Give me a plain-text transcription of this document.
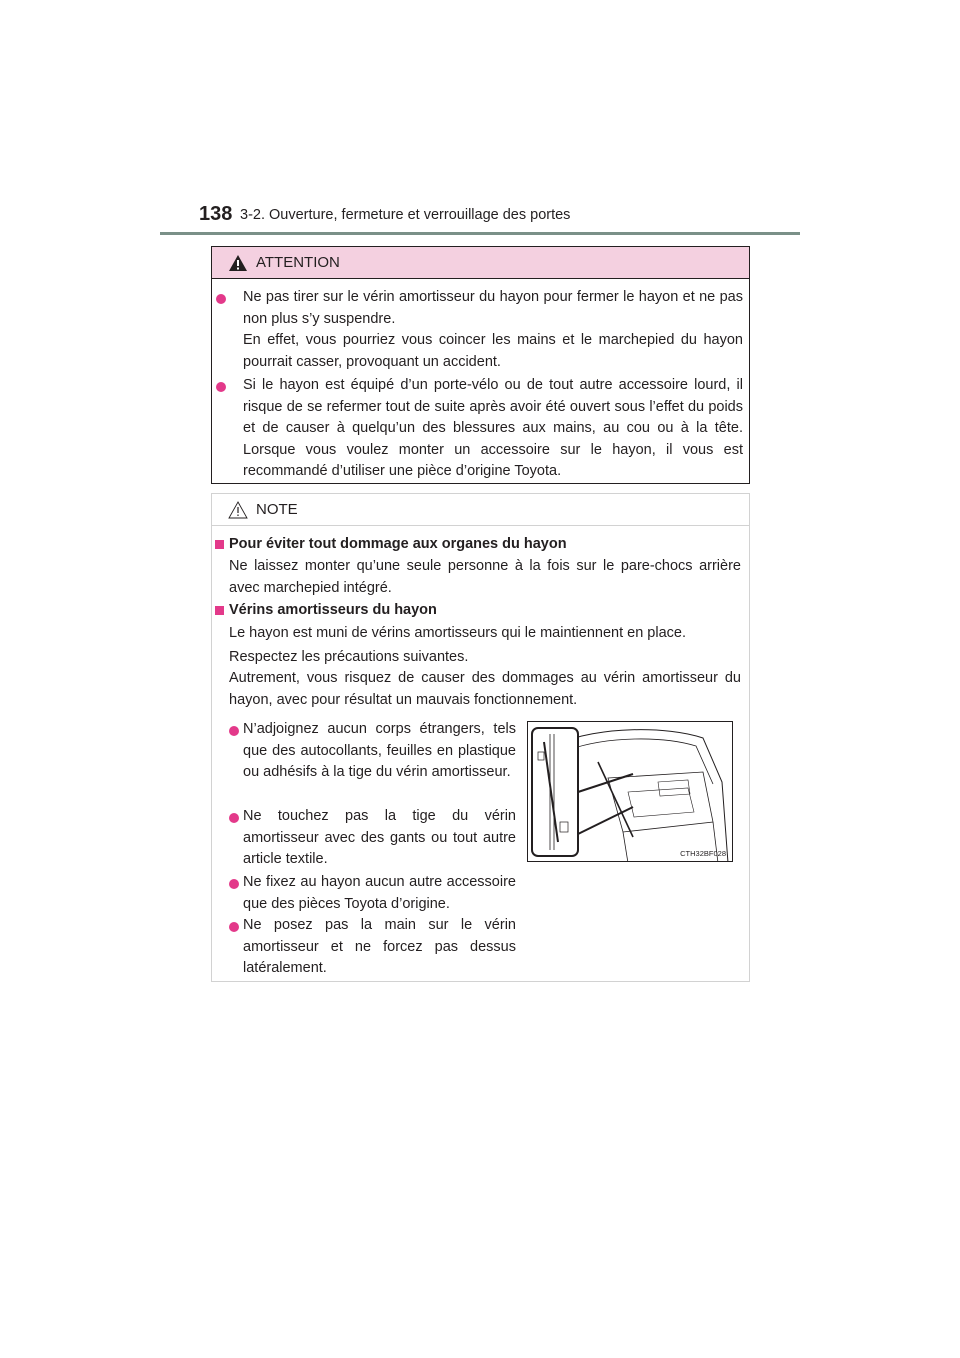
138 3-2. Ouverture, fermeture et verrouillage des portes
ATTENTION
Ne pas tirer sur le vérin amortisseur du hayon pour fermer le hayon et ne pas non plus s’y suspendre.
En effet, vous pourriez vous coincer les mains et le marchepied du hayon pourrait casser, provoquant un accident.
Si le hayon est équipé d’un porte-vélo ou de tout autre accessoire lourd, il risque de se refermer tout de suite après avoir été ouvert sous l’effet du poids et de causer à quelqu’un des blessures aux mains, au cou ou à la tête. Lorsque vous voulez monter un accessoire sur le hayon, il vous est recommandé d’utiliser une pièce d’origine Toyota.
NOTE
Pour éviter tout dommage aux organes du hayon
Ne laissez monter qu’une seule personne à la fois sur le pare-chocs arrière avec marchepied intégré.
Vérins amortisseurs du hayon
Le hayon est muni de vérins amortisseurs qui le maintiennent en place.
Respectez les précautions suivantes.
Autrement, vous risquez de causer des dommages au vérin amortisseur du hayon, avec pour résultat un mauvais fonctionnement.
N’adjoignez aucun corps étrangers, tels que des autocollants, feuilles en plastique ou adhésifs à la tige du vérin amortisseur.
Ne touchez pas la tige du vérin amortisseur avec des gants ou tout autre article textile.
Ne fixez au hayon aucun autre accessoire que des pièces Toyota d’origine.
Ne posez pas la main sur le vérin amortisseur et ne forcez pas dessus latéralement.
CTH32BF028
